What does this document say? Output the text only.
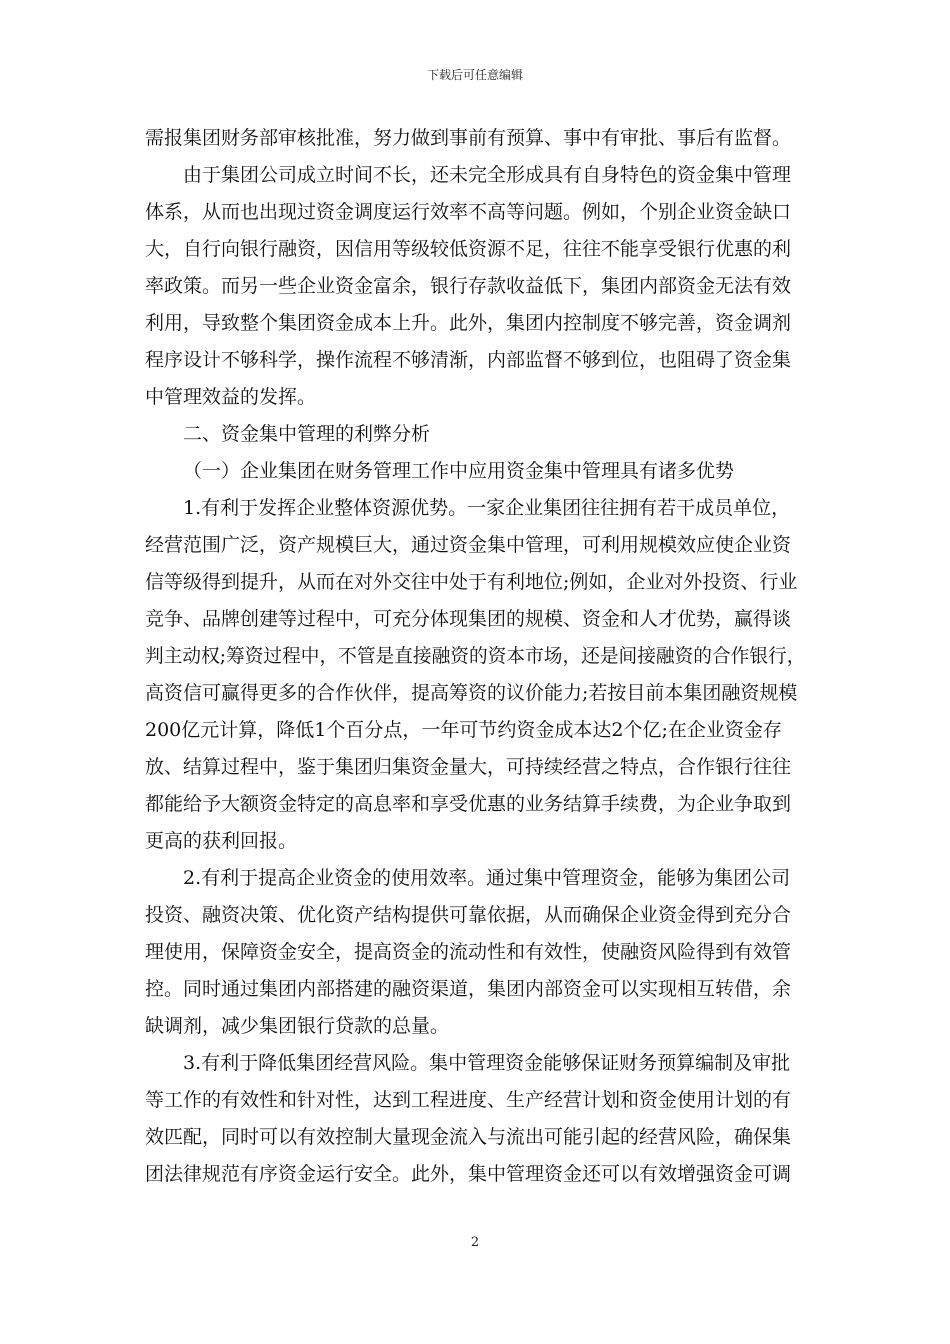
下载后可任意编辑
需报集团财务部审核批准，努力做到事前有预算、事中有审批、事后有监督。
由于集团公司成立时间不长，还未完全形成具有自身特色的资金集中管理
体系，从而也出现过资金调度运行效率不高等问题。例如，个别企业资金缺口
大，自行向银行融资，因信用等级较低资源不足，往往不能享受银行优惠的利
率政策。而另一些企业资金富余，银行存款收益低下，集团内部资金无法有效
利用，导致整个集团资金成本上升。此外，集团内控制度不够完善，资金调剂
程序设计不够科学，操作流程不够清渐，内部监督不够到位，也阻碍了资金集
中管理效益的发挥。
二、资金集中管理的利弊分析
（一）企业集团在财务管理工作中应用资金集中管理具有诸多优势
1.有利于发挥企业整体资源优势。一家企业集团往往拥有若干成员单位，
经营范围广泛，资产规模巨大，通过资金集中管理，可利用规模效应使企业资
信等级得到提升，从而在对外交往中处于有利地位;例如，企业对外投资、行业
竞争、品牌创建等过程中，可充分体现集团的规模、资金和人才优势，赢得谈
判主动权;筹资过程中，不管是直接融资的资本市场，还是间接融资的合作银行，
高资信可赢得更多的合作伙伴，提高筹资的议价能力;若按目前本集团融资规模
200亿元计算，降低1个百分点，一年可节约资金成本达2个亿;在企业资金存
放、结算过程中，鉴于集团归集资金量大，可持续经营之特点，合作银行往往
都能给予大额资金特定的高息率和享受优惠的业务结算手续费，为企业争取到
更高的获利回报。
2.有利于提高企业资金的使用效率。通过集中管理资金，能够为集团公司
投资、融资决策、优化资产结构提供可靠依据，从而确保企业资金得到充分合
理使用，保障资金安全，提高资金的流动性和有效性，使融资风险得到有效管
控。同时通过集团内部搭建的融资渠道，集团内部资金可以实现相互转借，余
缺调剂，减少集团银行贷款的总量。
3.有利于降低集团经营风险。集中管理资金能够保证财务预算编制及审批
等工作的有效性和针对性，达到工程进度、生产经营计划和资金使用计划的有
效匹配，同时可以有效控制大量现金流入与流出可能引起的经营风险，确保集
团法律规范有序资金运行安全。此外，集中管理资金还可以有效增强资金可调
2
